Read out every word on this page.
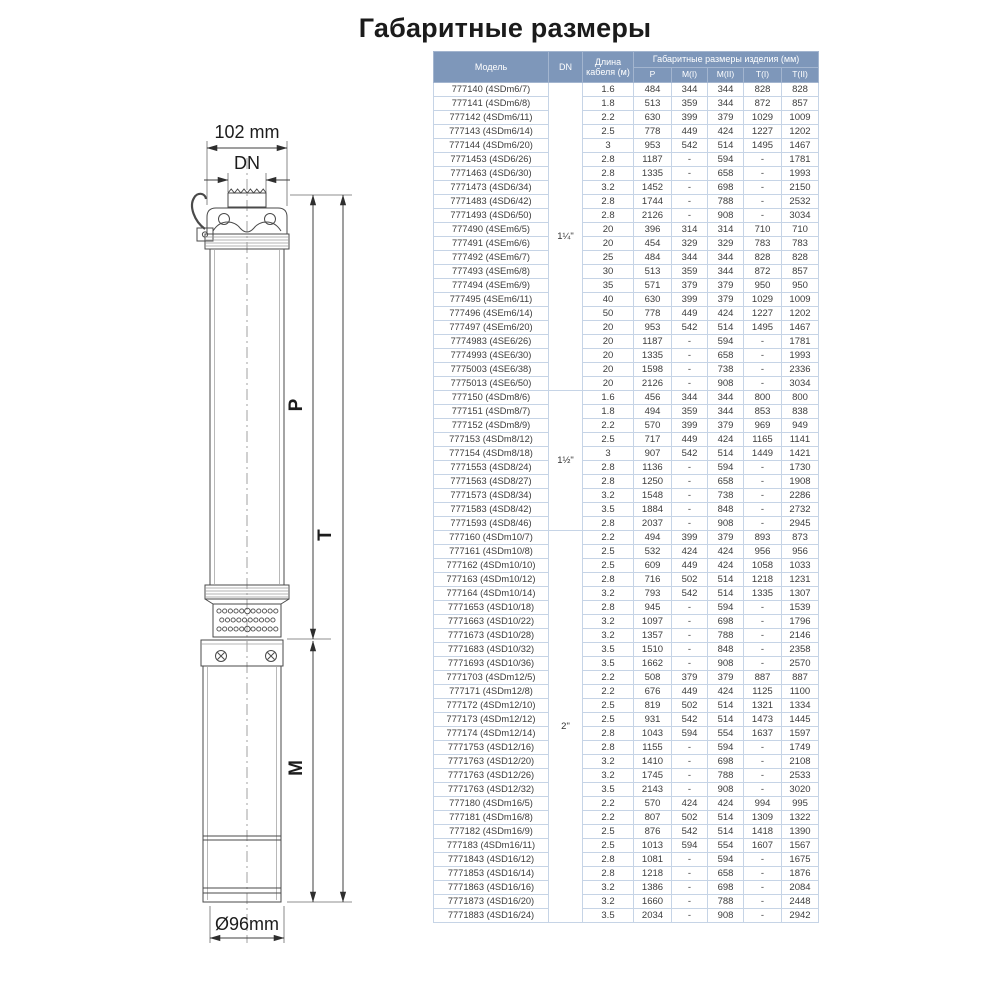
Габаритные размеры
102 mm
DN
Ø96mm
P
T
M
Модель	DN	Длина кабеля (м)	Габаритные размеры изделия (мм)				
			P	M(I)	M(II)	T(I)	T(II)
777140 (4SDm6/7)	1¼"	1.6	484	344	344	828	828
777141 (4SDm6/8)		1.8	513	359	344	872	857
777142 (4SDm6/11)		2.2	630	399	379	1029	1009
777143 (4SDm6/14)		2.5	778	449	424	1227	1202
777144 (4SDm6/20)		3	953	542	514	1495	1467
7771453 (4SD6/26)		2.8	1187	-	594	-	1781
7771463 (4SD6/30)		2.8	1335	-	658	-	1993
7771473 (4SD6/34)		3.2	1452	-	698	-	2150
7771483 (4SD6/42)		2.8	1744	-	788	-	2532
7771493 (4SD6/50)		2.8	2126	-	908	-	3034
777490 (4SEm6/5)		20	396	314	314	710	710
777491 (4SEm6/6)		20	454	329	329	783	783
777492 (4SEm6/7)		25	484	344	344	828	828
777493 (4SEm6/8)		30	513	359	344	872	857
777494 (4SEm6/9)		35	571	379	379	950	950
777495 (4SEm6/11)		40	630	399	379	1029	1009
777496 (4SEm6/14)		50	778	449	424	1227	1202
777497 (4SEm6/20)		20	953	542	514	1495	1467
7774983 (4SE6/26)		20	1187	-	594	-	1781
7774993 (4SE6/30)		20	1335	-	658	-	1993
7775003 (4SE6/38)		20	1598	-	738	-	2336
7775013 (4SE6/50)		20	2126	-	908	-	3034
777150 (4SDm8/6)	1½"	1.6	456	344	344	800	800
777151 (4SDm8/7)		1.8	494	359	344	853	838
777152 (4SDm8/9)		2.2	570	399	379	969	949
777153 (4SDm8/12)		2.5	717	449	424	1165	1141
777154 (4SDm8/18)		3	907	542	514	1449	1421
7771553 (4SD8/24)		2.8	1136	-	594	-	1730
7771563 (4SD8/27)		2.8	1250	-	658	-	1908
7771573 (4SD8/34)		3.2	1548	-	738	-	2286
7771583 (4SD8/42)		3.5	1884	-	848	-	2732
7771593 (4SD8/46)		2.8	2037	-	908	-	2945
777160 (4SDm10/7)	2"	2.2	494	399	379	893	873
777161 (4SDm10/8)		2.5	532	424	424	956	956
777162 (4SDm10/10)		2.5	609	449	424	1058	1033
777163 (4SDm10/12)		2.8	716	502	514	1218	1231
777164 (4SDm10/14)		3.2	793	542	514	1335	1307
7771653 (4SD10/18)		2.8	945	-	594	-	1539
7771663 (4SD10/22)		3.2	1097	-	698	-	1796
7771673 (4SD10/28)		3.2	1357	-	788	-	2146
7771683 (4SD10/32)		3.5	1510	-	848	-	2358
7771693 (4SD10/36)		3.5	1662	-	908	-	2570
7771703 (4SDm12/5)		2.2	508	379	379	887	887
777171 (4SDm12/8)		2.2	676	449	424	1125	1100
777172 (4SDm12/10)		2.5	819	502	514	1321	1334
777173 (4SDm12/12)		2.5	931	542	514	1473	1445
777174 (4SDm12/14)		2.8	1043	594	554	1637	1597
7771753 (4SD12/16)		2.8	1155	-	594	-	1749
7771763 (4SD12/20)		3.2	1410	-	698	-	2108
7771763 (4SD12/26)		3.2	1745	-	788	-	2533
7771763 (4SD12/32)		3.5	2143	-	908	-	3020
777180 (4SDm16/5)		2.2	570	424	424	994	995
777181 (4SDm16/8)		2.2	807	502	514	1309	1322
777182 (4SDm16/9)		2.5	876	542	514	1418	1390
777183 (4SDm16/11)		2.5	1013	594	554	1607	1567
7771843 (4SD16/12)		2.8	1081	-	594	-	1675
7771853 (4SD16/14)		2.8	1218	-	658	-	1876
7771863 (4SD16/16)		3.2	1386	-	698	-	2084
7771873 (4SD16/20)		3.2	1660	-	788	-	2448
7771883 (4SD16/24)		3.5	2034	-	908	-	2942
